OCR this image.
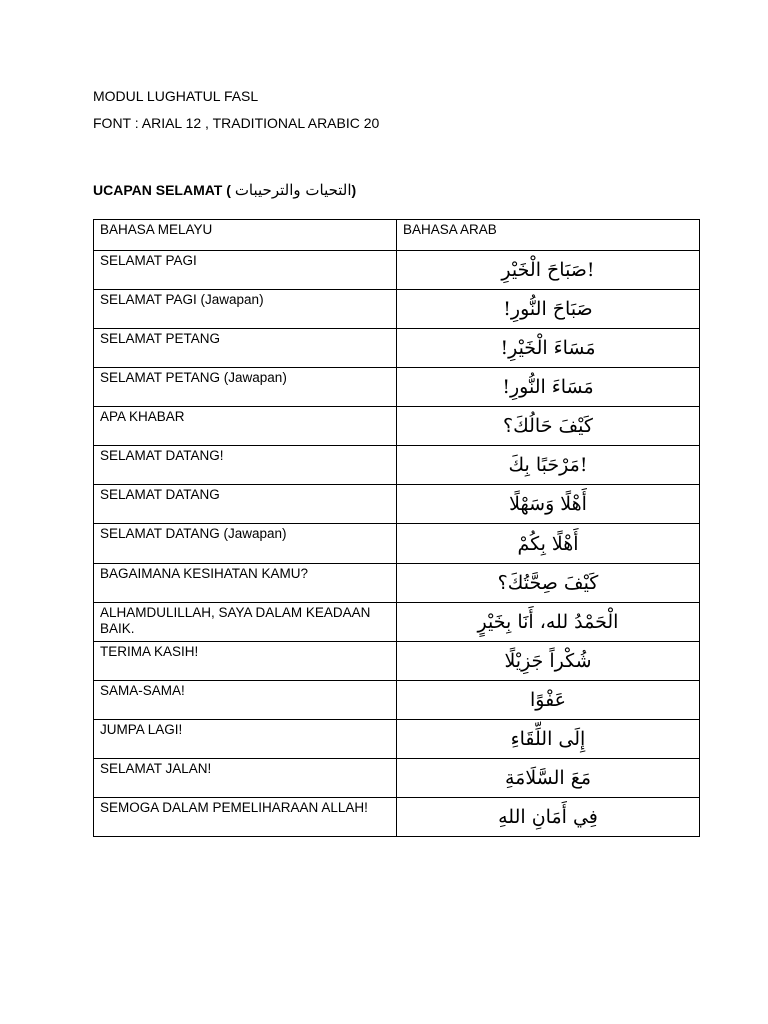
MODUL LUGHATUL FASL
FONT : ARIAL 12 , TRADITIONAL ARABIC 20
UCAPAN SELAMAT ( التحيات والترحيبات)
BAHASA MELAYU	BAHASA ARAB
SELAMAT PAGI	!صَبَاحَ الْخَيْرِ
SELAMAT PAGI (Jawapan)	صَبَاحَ النُّورِ!
SELAMAT PETANG	مَسَاءَ الْخَيْرِ!
SELAMAT PETANG (Jawapan)	مَسَاءَ النُّورِ!
APA KHABAR	كَيْفَ حَالُكَ؟
SELAMAT DATANG!	!مَرْحَبًا بِكَ
SELAMAT DATANG	أَهْلًا وَسَهْلًا
SELAMAT DATANG (Jawapan)	أَهْلًا بِكُمْ
BAGAIMANA KESIHATAN KAMU?	كَيْفَ صِحَّتُكَ؟
ALHAMDULILLAH, SAYA DALAM KEADAAN BAIK.	الْحَمْدُ لله، أَنَا بِخَيْرٍ
TERIMA KASIH!	شُكْراً جَزِيْلًا
SAMA-SAMA!	عَفْوًا
JUMPA LAGI!	إِلَى اللِّقَاءِ
SELAMAT JALAN!	مَعَ السَّلَامَةِ
SEMOGA DALAM PEMELIHARAAN ALLAH!	فِي أَمَانِ اللهِ
